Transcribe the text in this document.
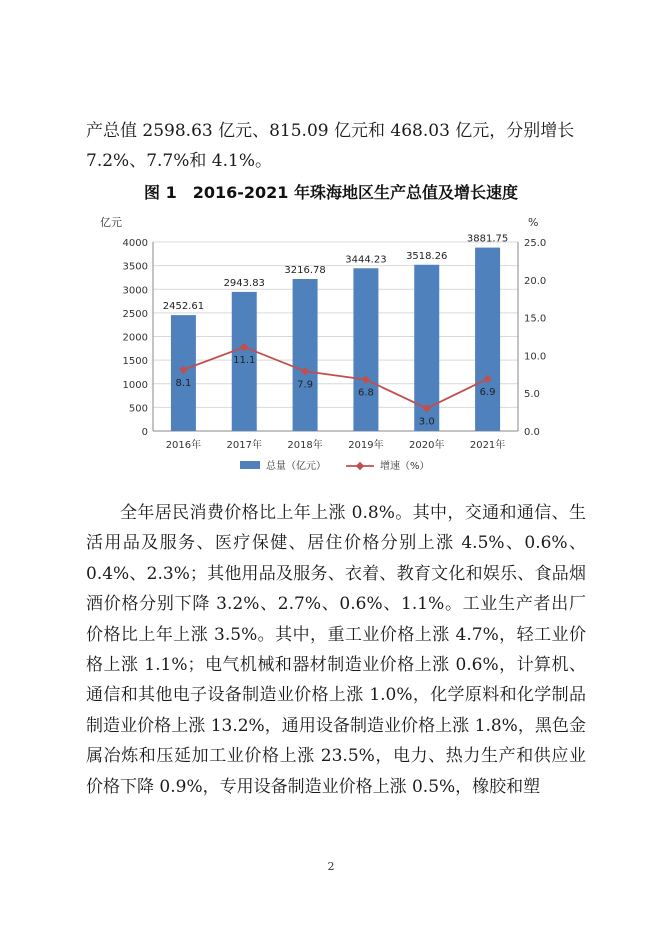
产总值 2598.63 亿元、815.09 亿元和 468.03 亿元，分别增长 7.2%、7.7%和 4.1%。

图 1　2016-2021 年珠海地区生产总值及增长速度
0
500
1000
1500
2000
2500
3000
3500
4000
0.0
5.0
10.0
15.0
20.0
25.0
亿元	%
2452.61
2943.83
3216.78
3444.23 3518.26
3881.75
2016年	2017年	2018年	2019年	2020年	2021年
8.1
11.1
7.9
6.8
3.0
6.9
总量（亿元）	增速（%）

全年居民消费价格比上年上涨 0.8%。其中，交通和通信、生活用品及服务、医疗保健、居住价格分别上涨 4.5%、0.6%、0.4%、2.3%；其他用品及服务、衣着、教育文化和娱乐、食品烟酒价格分别下降 3.2%、2.7%、0.6%、1.1%。工业生产者出厂价格比上年上涨 3.5%。其中，重工业价格上涨 4.7%，轻工业价格上涨 1.1%；电气机械和器材制造业价格上涨 0.6%，计算机、通信和其他电子设备制造业价格上涨 1.0%，化学原料和化学制品制造业价格上涨 13.2%，通用设备制造业价格上涨 1.8%，黑色金属冶炼和压延加工业价格上涨 23.5%，电力、热力生产和供应业价格下降 0.9%，专用设备制造业价格上涨 0.5%，橡胶和塑

2
